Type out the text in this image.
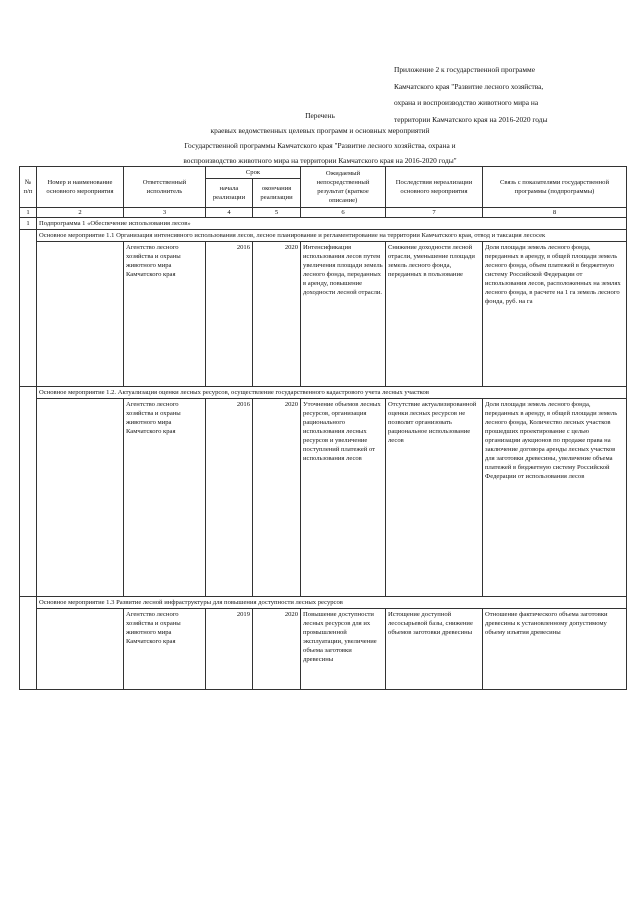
Приложение 2 к государственной программе
Камчатского края "Развитие лесного хозяйства,
охрана и воспроизводство животного мира на
территории Камчатского края на 2016-2020 годы
Перечень
краевых ведомственных целевых программ и основных мероприятий
Государственной программы Камчатского края "Развитие лесного хозяйства, охрана и
воспроизводство животного мира на территории Камчатского края на 2016-2020 годы"
№ п/п	Номер и наименование основного мероприятия	Ответственный исполнитель	Срок		Ожидаемый непосредственный результат (краткое описание)	Последствия нереализации основного мероприятия	Связь с показателями государственной программы (подпрограммы)
			начала реализации	окончания реализации			
1	2	3	4	5	6	7	8
1	Подпрограмма 1 «Обеспечение использования лесов»						
	Основное мероприятие 1.1 Организация интенсивного использования лесов, лесное планирование и регламентирование на территории Камчатского края, отвод и таксация лесосек						
		Агентство лесного хозяйства и охраны животного мира Камчатского края	2016	2020	Интенсификация использования лесов путем увеличения площади земель лесного фонда, переданных в аренду, повышение доходности лесной отрасли.	Снижение доходности лесной отрасли, уменьшение площади земель лесного фонда, переданных в пользование	Доля площади земель лесного фонда, переданных в аренду, в общей площади земель лесного фонда, объем платежей в бюджетную систему Российской Федерации от использования лесов, расположенных на землях лесного фонда, в расчете на 1 га земель лесного фонда, руб. на га
	Основное мероприятие 1.2. Актуализация оценки лесных ресурсов, осуществление государственного кадастрового учета лесных участков						
		Агентство лесного хозяйства и охраны животного мира Камчатского края	2016	2020	Уточнение объемов лесных ресурсов, организация рационального использования лесных ресурсов и увеличение поступлений платежей от использования лесов	Отсутствие актуализированной оценки лесных ресурсов не позволит организовать рациональное использование лесов	Доля площади земель лесного фонда, переданных в аренду, в общей площади земель лесного фонда, Количество лесных участков прошедших проектирование с целью организации аукционов по продаже права на заключение договора аренды лесных участков для заготовки древесины, увеличение объема платежей в бюджетную систему Российской Федерации от использования лесов
	Основное мероприятие 1.3 Развитие лесной инфраструктуры для повышения доступности лесных ресурсов						
		Агентство лесного хозяйства и охраны животного мира Камчатского края	2019	2020	Повышение доступности лесных ресурсов для их промышленной эксплуатации, увеличение объема заготовки древесины	Истощение доступной лесосырьевой базы, снижение объемов заготовки древесины	Отношение фактического объема заготовки древесины к установленному допустимому объему изъятия древесины
